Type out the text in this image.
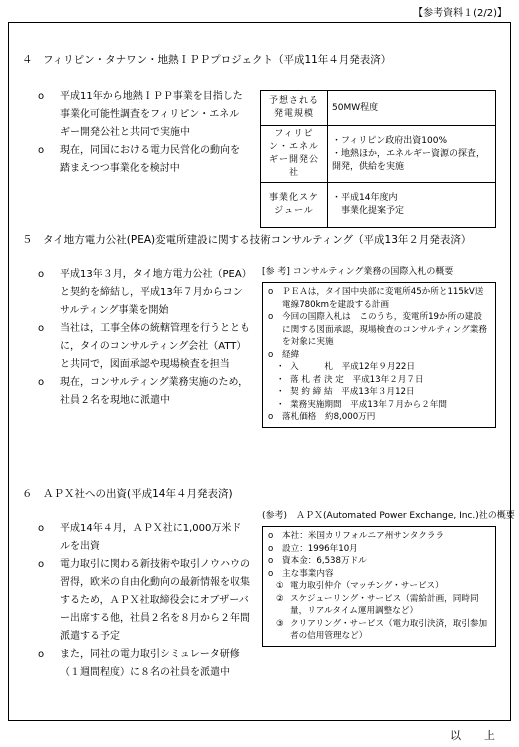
【参考資料１(2/2)】
４　フィリピン・タナワン・地熱ＩＰＰプロジェクト（平成11年４月発表済）
o	平成11年から地熱ＩＰＰ事業を目指した事業化可能性調査をフィリピン・エネルギー開発公社と共同で実施中
o	現在，同国における電力民営化の動向を踏まえつつ事業化を検討中
予想される発電規模	50MW程度
フィリピン・エネルギー開発公社	・フィリピン政府出資100%
・地熱ほか，エネルギー資源の探査，開発，供給を実施
事業化スケジュール	・平成14年度内
　事業化提案予定
５　タイ地方電力公社(PEA)変電所建設に関する技術コンサルティング（平成13年２月発表済）
o	平成13年３月，タイ地方電力公社（PEA）と契約を締結し，平成13年７月からコンサルティング事業を開始
o	当社は，工事全体の統轄管理を行うとともに，タイのコンサルティング会社（ATT）と共同で，図面承認や現場検査を担当
o	現在，コンサルティング業務実施のため，社員２名を現地に派遣中
[参 考] コンサルティング業務の国際入札の概要
o	ＰＥＡは，タイ国中央部に変電所45か所と115kV送電線780kmを建設する計画
o	今回の国際入札は　このうち，変電所19か所の建設に関する図面承認，現場検査のコンサルティング業務を対象に実施
o	経緯
・ 入　　　札　平成12年９月22日
・ 落 札 者 決 定　平成13年２月７日
・ 契 約 締 結　平成13年３月12日
・ 業務実施期間　平成13年７月から２年間
o	落札価格　約8,000万円
６　ＡＰＸ社への出資(平成14年４月発表済)
(参考)　ＡＰＸ(Automated Power Exchange, Inc.)社の概要
o	平成14年４月，ＡＰＸ社に1,000万米ドルを出資
o	電力取引に関わる新技術や取引ノウハウの習得，欧米の自由化動向の最新情報を収集するため，ＡＰＸ社取締役会にオブザーバー出席する他，社員２名を８月から２年間派遣する予定
o	また，同社の電力取引シミュレータ研修（１週間程度）に８名の社員を派遣中
o	本社：米国カリフォルニア州サンタクララ
o	設立：1996年10月
o	資本金：6,538万ドル
o	主な事業内容
① 電力取引仲介（マッチング・サービス）
② スケジューリング・サービス（需給計画，同時同量，リアルタイム運用調整など）
③ クリアリング・サービス（電力取引決済，取引参加者の信用管理など）
以　上
